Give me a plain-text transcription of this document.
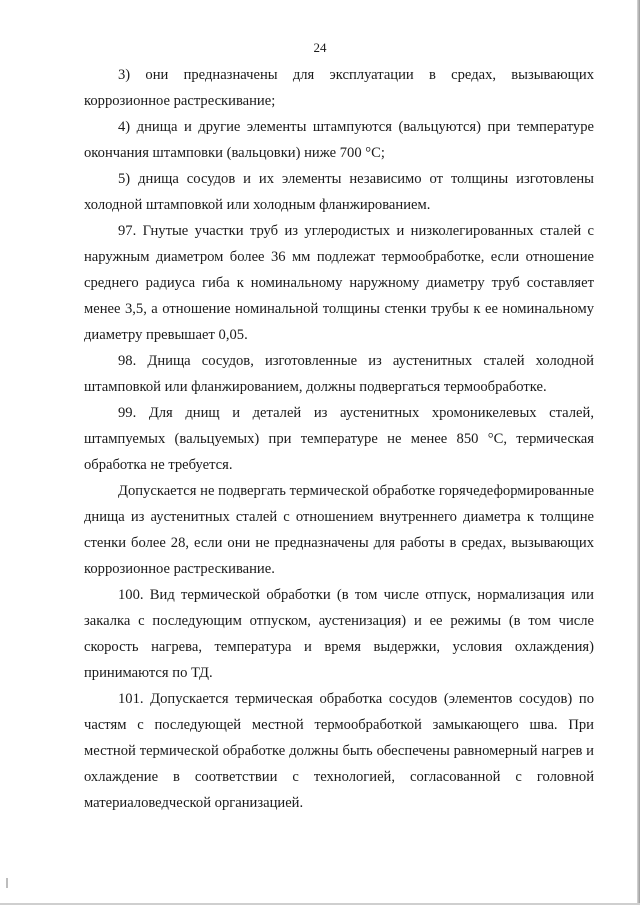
24

3) они предназначены для эксплуатации в средах, вызывающих коррозионное растрескивание;

4) днища и другие элементы штампуются (вальцуются) при температуре окончания штамповки (вальцовки) ниже 700 °С;

5) днища сосудов и их элементы независимо от толщины изготовлены холодной штамповкой или холодным фланжированием.

97. Гнутые участки труб из углеродистых и низколегированных сталей с наружным диаметром более 36 мм подлежат термообработке, если отношение среднего радиуса гиба к номинальному наружному диаметру труб составляет менее 3,5, а отношение номинальной толщины стенки трубы к ее номинальному диаметру превышает 0,05.

98. Днища сосудов, изготовленные из аустенитных сталей холодной штамповкой или фланжированием, должны подвергаться термообработке.

99. Для днищ и деталей из аустенитных хромоникелевых сталей, штампуемых (вальцуемых) при температуре не менее 850 °С, термическая обработка не требуется.

Допускается не подвергать термической обработке горячедеформированные днища из аустенитных сталей с отношением внутреннего диаметра к толщине стенки более 28, если они не предназначены для работы в средах, вызывающих коррозионное растрескивание.

100. Вид термической обработки (в том числе отпуск, нормализация или закалка с последующим отпуском, аустенизация) и ее режимы (в том числе скорость нагрева, температура и время выдержки, условия охлаждения) принимаются по ТД.

101. Допускается термическая обработка сосудов (элементов сосудов) по частям с последующей местной термообработкой замыкающего шва. При местной термической обработке должны быть обеспечены равномерный нагрев и охлаждение в соответствии с технологией, согласованной с головной материаловедческой организацией.
